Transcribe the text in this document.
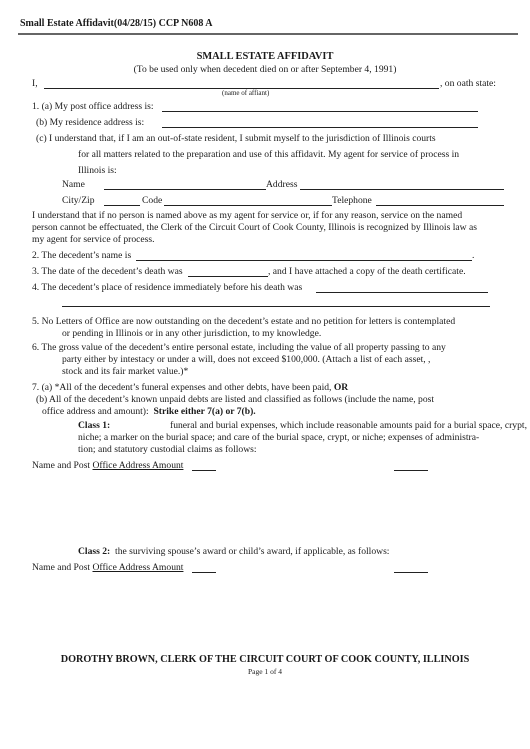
Small Estate Affidavit(04/28/15) CCP N608 A
SMALL ESTATE AFFIDAVIT
(To be used only when decedent died on or after September 4, 1991)
I,	, on oath state:
(name of affiant)
1. (a) My post office address is:
(b) My residence address is:
(c) I understand that, if I am an out-of-state resident, I submit myself to the jurisdiction of Illinois courts
for all matters related to the preparation and use of this affidavit. My agent for service of process in
Illinois is:
Name	Address
City/Zip	Code	Telephone
I understand that if no person is named above as my agent for service or, if for any reason, service on the named
person cannot be effectuated, the Clerk of the Circuit Court of Cook County, Illinois is recognized by Illinois law as
my agent for service of process.
2. The decedent’s name is	.
3. The date of the decedent’s death was	, and I have attached a copy of the death certificate.
4. The decedent’s place of residence immediately before his death was
5. No Letters of Office are now outstanding on the decedent’s estate and no petition for letters is contemplated
or pending in Illinois or in any other jurisdiction, to my knowledge.
6. The gross value of the decedent’s entire personal estate, including the value of all property passing to any
party either by intestacy or under a will, does not exceed $100,000. (Attach a list of each asset, ,
stock and its fair market value.)*
7. (a) *All of the decedent’s funeral expenses and other debts, have been paid, OR
(b) All of the decedent’s known unpaid debts are listed and classified as follows (include the name, post
office address and amount): Strike either 7(a) or 7(b).
Class 1:	funeral and burial expenses, which include reasonable amounts paid for a burial space, crypt,
niche; a marker on the burial space; and care of the burial space, crypt, or niche; expenses of administra-
tion; and statutory custodial claims as follows:
Name and Post Office Address Amount
Class 2: the surviving spouse’s award or child’s award, if applicable, as follows:
Name and Post Office Address Amount
DOROTHY BROWN, CLERK OF THE CIRCUIT COURT OF COOK COUNTY, ILLINOIS
Page 1 of 4
